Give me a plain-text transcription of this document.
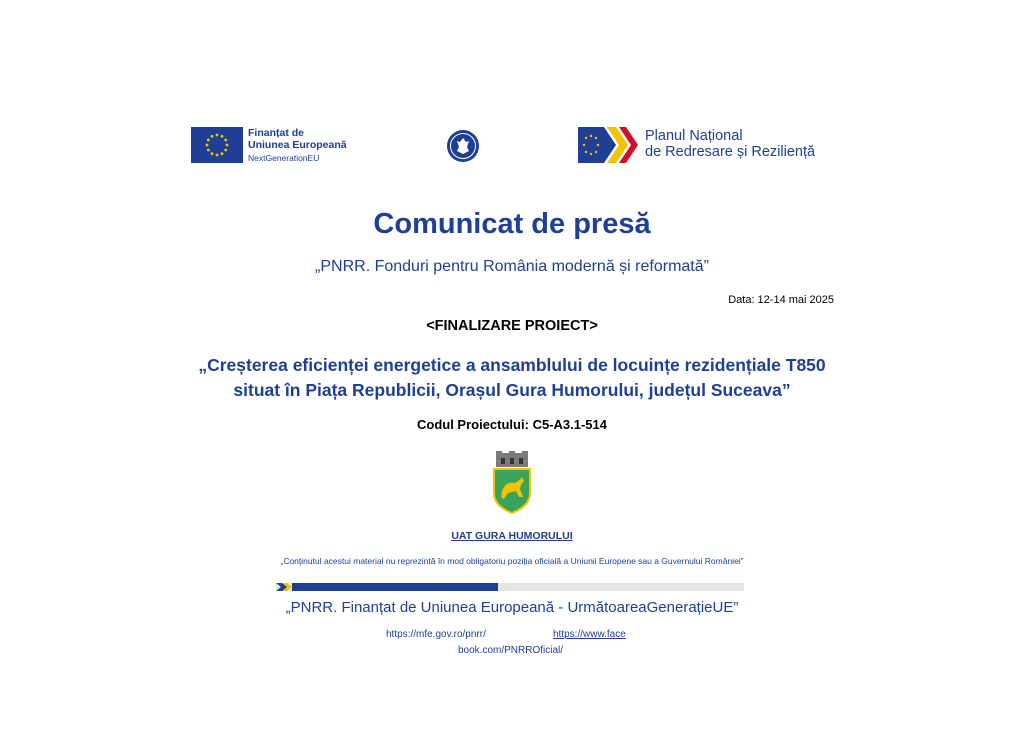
Finanțat de
Uniunea Europeană
NextGenerationEU
Planul Național
de Redresare și Reziliență
Comunicat de presă
„PNRR. Fonduri pentru România modernă și reformată”
Data: 12-14 mai 2025
<FINALIZARE PROIECT>
„Creșterea eficienței energetice a ansamblului de locuințe rezidențiale T850
situat în Piața Republicii, Orașul Gura Humorului, județul Suceava”
Codul Proiectului: C5-A3.1-514
UAT GURA HUMORULUI
„Conținutul acestui material nu reprezintă în mod obligatoriu poziția oficială a Uniunii Europene sau a Guvernului României”
„PNRR. Finanțat de Uniunea Europeană - UrmătoareaGenerațieUE”
https://mfe.gov.ro/pnrr/	https://www.face
book.com/PNRROficial/
